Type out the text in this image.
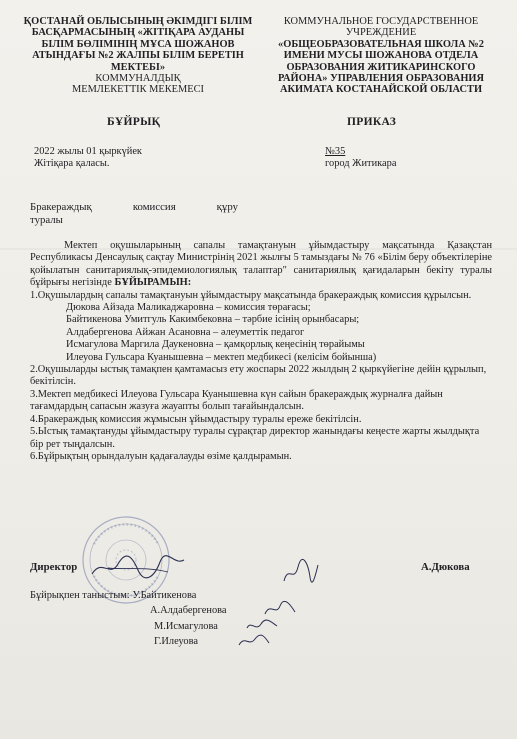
ҚОСТАНАЙ ОБЛЫСЫНЫҢ ӘКІМДІГІ БІЛІМ БАСҚАРМАСЫНЫҢ «ЖІТІҚАРА АУДАНЫ БІЛІМ БӨЛІМІНІҢ МҰСА ШОЖАНОВ АТЫНДАҒЫ №2 ЖАЛПЫ БІЛІМ БЕРЕТІН МЕКТЕБІ»
КОММУНАЛДЫҚ
МЕМЛЕКЕТТІК МЕКЕМЕСІ
КОММУНАЛЬНОЕ ГОСУДАРСТВЕННОЕ УЧРЕЖДЕНИЕ
«ОБЩЕОБРАЗОВАТЕЛЬНАЯ ШКОЛА №2 ИМЕНИ МУСЫ ШОЖАНОВА ОТДЕЛА ОБРАЗОВАНИЯ ЖИТИКАРИНСКОГО РАЙОНА» УПРАВЛЕНИЯ ОБРАЗОВАНИЯ АКИМАТА КОСТАНАЙСКОЙ ОБЛАСТИ
БҰЙРЫҚ	ПРИКАЗ
2022 жылы 01 қыркүйек
Жітіқара қаласы.
№35
город Житикара
Бракераждық комиссия құру
туралы

Мектеп оқушыларының сапалы тамақтануын ұйымдастыру мақсатында Қазақстан Республикасы Денсаулық сақтау Министрінің 2021 жылғы 5 тамыздағы № 76 «Білім беру объектілеріне қойылатын санитариялық-эпидемиологиялық талаптар" санитариялық қағидаларын бекіту туралы бұйрығы негізінде БҰЙЫРАМЫН:

1.Оқушылардың сапалы тамақтануын ұйымдастыру мақсатында бракераждық комиссия құрылсын.

Дюкова Айзада Маликаджаровна – комиссия төрағасы;

Байтикенова Умитгуль Какимбековна – тәрбие ісінің орынбасары;

Алдабергенова Айжан Асановна – әлеуметтік педагог

Исмагулова Маргила Даукеновна – қамқорлық кеңесінің төрайымы

Илеуова Гульсара Куанышевна – мектеп медбикесі (келісім бойынша)

2.Оқушыларды ыстық тамақпен қамтамасыз ету жоспары 2022 жылдың 2 қыркүйегіне дейін құрылып, бекітілсін.

3.Мектеп медбикесі Илеуова Гульсара Куанышевна күн сайын бракераждық журналға дайын тағамдардың сапасын жазуға жауапты болып тағайындалсын.

4.Бракераждық комиссия жұмысын ұйымдастыру туралы ереже бекітілсін.

5.Ыстық тамақтануды ұйымдастыру туралы сұрақтар директор жанындағы кеңесте жарты жылдықта бір рет тыңдалсын.

6.Бұйрықтың орындалуын қадағалауды өзіме қалдырамын.

Директор	А.Дюкова
Бұйрықпен таныстым: У.Байтикенова
А.Алдабергенова
М.Исмагулова
Г.Илеуова
